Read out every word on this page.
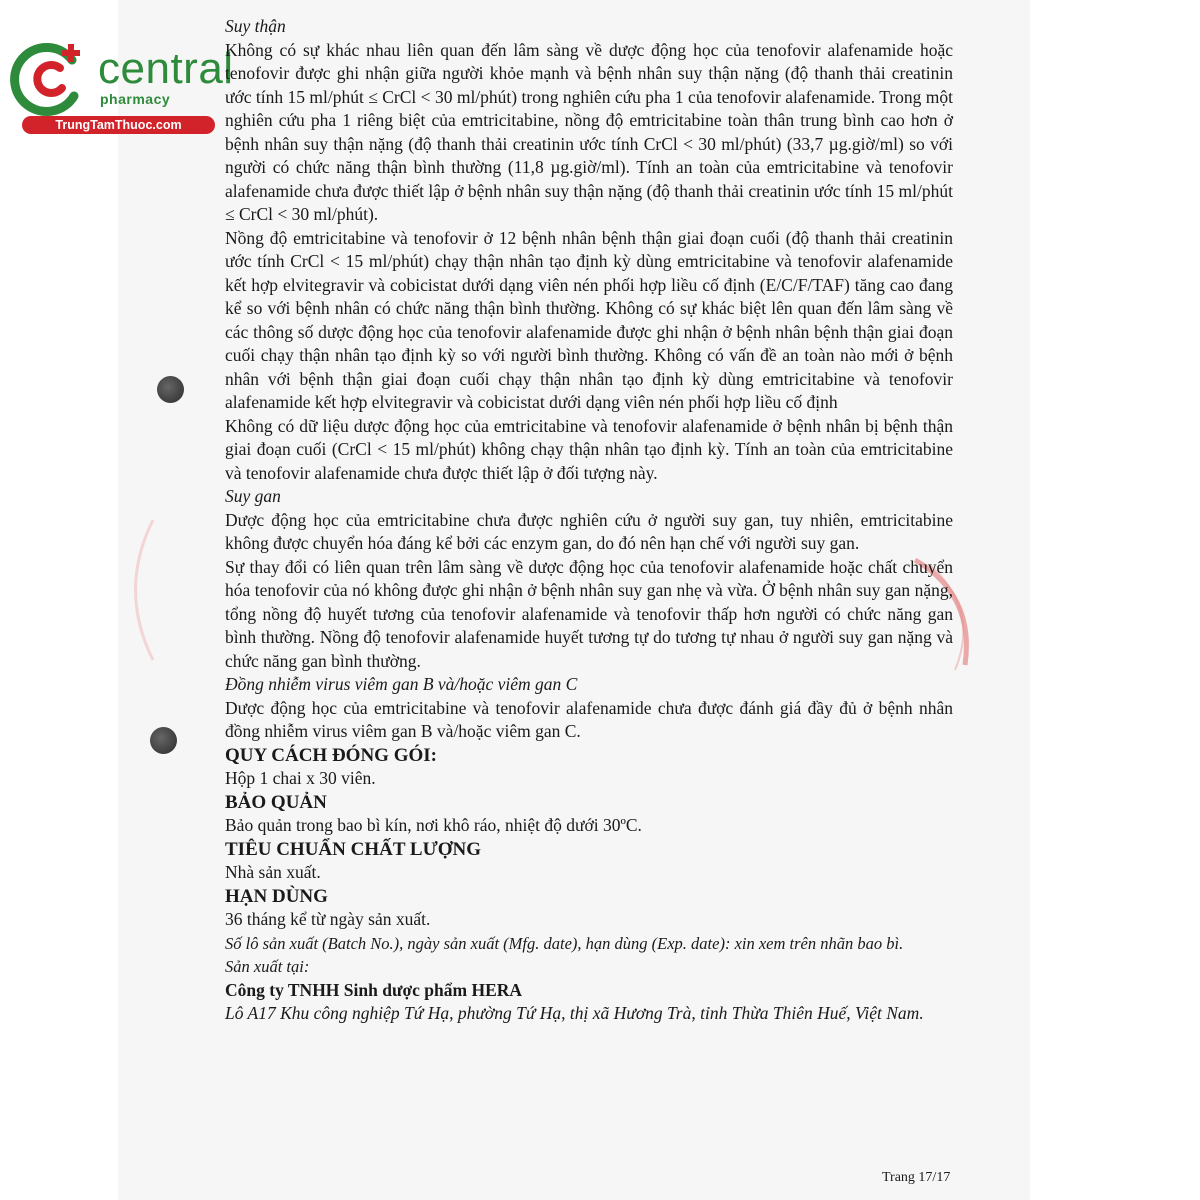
central
pharmacy
TrungTamThuoc.com

Suy thận

Không có sự khác nhau liên quan đến lâm sàng về dược động học của tenofovir alafenamide hoặc tenofovir được ghi nhận giữa người khỏe mạnh và bệnh nhân suy thận nặng (độ thanh thải creatinin ước tính 15 ml/phút ≤ CrCl < 30 ml/phút) trong nghiên cứu pha 1 của tenofovir alafenamide. Trong một nghiên cứu pha 1 riêng biệt của emtricitabine, nồng độ emtricitabine toàn thân trung bình cao hơn ở bệnh nhân suy thận nặng (độ thanh thải creatinin ước tính CrCl < 30 ml/phút) (33,7 µg.giờ/ml) so với người có chức năng thận bình thường (11,8 µg.giờ/ml). Tính an toàn của emtricitabine và tenofovir alafenamide chưa được thiết lập ở bệnh nhân suy thận nặng (độ thanh thải creatinin ước tính 15 ml/phút ≤ CrCl < 30 ml/phút).

Nồng độ emtricitabine và tenofovir ở 12 bệnh nhân bệnh thận giai đoạn cuối (độ thanh thải creatinin ước tính CrCl < 15 ml/phút) chạy thận nhân tạo định kỳ dùng emtricitabine và tenofovir alafenamide kết hợp elvitegravir và cobicistat dưới dạng viên nén phối hợp liều cố định (E/C/F/TAF) tăng cao đang kể so với bệnh nhân có chức năng thận bình thường. Không có sự khác biệt lên quan đến lâm sàng về các thông số dược động học của tenofovir alafenamide được ghi nhận ở bệnh nhân bệnh thận giai đoạn cuối chạy thận nhân tạo định kỳ so với người bình thường. Không có vấn đề an toàn nào mới ở bệnh nhân với bệnh thận giai đoạn cuối chạy thận nhân tạo định kỳ dùng emtricitabine và tenofovir alafenamide kết hợp elvitegravir và cobicistat dưới dạng viên nén phối hợp liều cố định

Không có dữ liệu dược động học của emtricitabine và tenofovir alafenamide ở bệnh nhân bị bệnh thận giai đoạn cuối (CrCl < 15 ml/phút) không chạy thận nhân tạo định kỳ. Tính an toàn của emtricitabine và tenofovir alafenamide chưa được thiết lập ở đối tượng này.

Suy gan

Dược động học của emtricitabine chưa được nghiên cứu ở người suy gan, tuy nhiên, emtricitabine không được chuyển hóa đáng kể bởi các enzym gan, do đó nên hạn chế với người suy gan.

Sự thay đổi có liên quan trên lâm sàng về dược động học của tenofovir alafenamide hoặc chất chuyển hóa tenofovir của nó không được ghi nhận ở bệnh nhân suy gan nhẹ và vừa. Ở bệnh nhân suy gan nặng, tổng nồng độ huyết tương của tenofovir alafenamide và tenofovir thấp hơn người có chức năng gan bình thường. Nồng độ tenofovir alafenamide huyết tương tự do tương tự nhau ở người suy gan nặng và chức năng gan bình thường.

Đồng nhiễm virus viêm gan B và/hoặc viêm gan C

Dược động học của emtricitabine và tenofovir alafenamide chưa được đánh giá đầy đủ ở bệnh nhân đồng nhiễm virus viêm gan B và/hoặc viêm gan C.

QUY CÁCH ĐÓNG GÓI:

Hộp 1 chai x 30 viên.

BẢO QUẢN

Bảo quản trong bao bì kín, nơi khô ráo, nhiệt độ dưới 30ºC.

TIÊU CHUẨN CHẤT LƯỢNG

Nhà sản xuất.

HẠN DÙNG

36 tháng kể từ ngày sản xuất.

Số lô sản xuất (Batch No.), ngày sản xuất (Mfg. date), hạn dùng (Exp. date): xin xem trên nhãn bao bì.

Sản xuất tại:

Công ty TNHH Sinh dược phẩm HERA

Lô A17 Khu công nghiệp Tứ Hạ, phường Tứ Hạ, thị xã Hương Trà, tỉnh Thừa Thiên Huế, Việt Nam.

Trang 17/17
